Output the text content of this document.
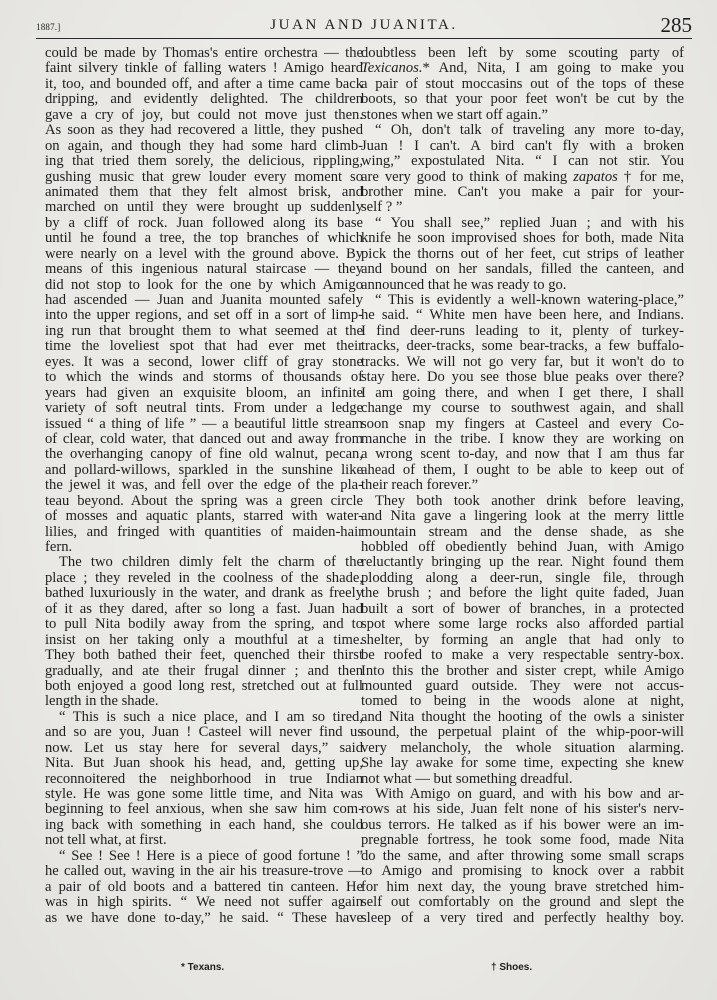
1887.]	JUAN AND JUANITA.	285
could be made by Thomas's entire orchestra — the
faint silvery tinkle of falling waters ! Amigo heard
it, too, and bounded off, and after a time came back
dripping, and evidently delighted. The children
gave a cry of joy, but could not move just then.
As soon as they had recovered a little, they pushed
on again, and though they had some hard climb-
ing that tried them sorely, the delicious, rippling,
gushing music that grew louder every moment so
animated them that they felt almost brisk, and
marched on until they were brought up suddenly
by a cliff of rock. Juan followed along its base
until he found a tree, the top branches of which
were nearly on a level with the ground above. By
means of this ingenious natural staircase — they
did not stop to look for the one by which Amigo
had ascended — Juan and Juanita mounted safely
into the upper regions, and set off in a sort of limp-
ing run that brought them to what seemed at the
time the loveliest spot that had ever met their
eyes. It was a second, lower cliff of gray stone
to which the winds and storms of thousands of
years had given an exquisite bloom, an infinite
variety of soft neutral tints. From under a ledge
issued “ a thing of life ” — a beautiful little stream
of clear, cold water, that danced out and away from
the overhanging canopy of fine old walnut, pecan,
and pollard-willows, sparkled in the sunshine like
the jewel it was, and fell over the edge of the pla-
teau beyond. About the spring was a green circle
of mosses and aquatic plants, starred with water-
lilies, and fringed with quantities of maiden-hair
fern.
The two children dimly felt the charm of the
place ; they reveled in the coolness of the shade,
bathed luxuriously in the water, and drank as freely
of it as they dared, after so long a fast. Juan had
to pull Nita bodily away from the spring, and to
insist on her taking only a mouthful at a time.
They both bathed their feet, quenched their thirst
gradually, and ate their frugal dinner ; and then
both enjoyed a good long rest, stretched out at full
length in the shade.
“ This is such a nice place, and I am so tired,
and so are you, Juan ! Casteel will never find us
now. Let us stay here for several days,” said
Nita. But Juan shook his head, and, getting up,
reconnoitered the neighborhood in true Indian
style. He was gone some little time, and Nita was
beginning to feel anxious, when she saw him com-
ing back with something in each hand, she could
not tell what, at first.
“ See ! See ! Here is a piece of good fortune ! ”
he called out, waving in the air his treasure-trove —
a pair of old boots and a battered tin canteen. He
was in high spirits. “ We need not suffer again
as we have done to-day,” he said. “ These have
doubtless been left by some scouting party of
Texicanos.* And, Nita, I am going to make you
a pair of stout moccasins out of the tops of these
boots, so that your poor feet won't be cut by the
stones when we start off again.”
“ Oh, don't talk of traveling any more to-day,
Juan ! I can't. A bird can't fly with a broken
wing,” expostulated Nita. “ I can not stir. You
are very good to think of making zapatos † for me,
brother mine. Can't you make a pair for your-
self ? ”
“ You shall see,” replied Juan ; and with his
knife he soon improvised shoes for both, made Nita
pick the thorns out of her feet, cut strips of leather
and bound on her sandals, filled the canteen, and
announced that he was ready to go.
“ This is evidently a well-known watering-place,”
he said. “ White men have been here, and Indians.
I find deer-runs leading to it, plenty of turkey-
tracks, deer-tracks, some bear-tracks, a few buffalo-
tracks. We will not go very far, but it won't do to
stay here. Do you see those blue peaks over there?
I am going there, and when I get there, I shall
change my course to southwest again, and shall
soon snap my fingers at Casteel and every Co-
manche in the tribe. I know they are working on
a wrong scent to-day, and now that I am thus far
ahead of them, I ought to be able to keep out of
their reach forever.”
They both took another drink before leaving,
and Nita gave a lingering look at the merry little
mountain stream and the dense shade, as she
hobbled off obediently behind Juan, with Amigo
reluctantly bringing up the rear. Night found them
plodding along a deer-run, single file, through
the brush ; and before the light quite faded, Juan
built a sort of bower of branches, in a protected
spot where some large rocks also afforded partial
shelter, by forming an angle that had only to
be roofed to make a very respectable sentry-box.
Into this the brother and sister crept, while Amigo
mounted guard outside. They were not accus-
tomed to being in the woods alone at night,
and Nita thought the hooting of the owls a sinister
sound, the perpetual plaint of the whip-poor-will
very melancholy, the whole situation alarming.
She lay awake for some time, expecting she knew
not what — but something dreadful.
With Amigo on guard, and with his bow and ar-
rows at his side, Juan felt none of his sister's nerv-
ous terrors. He talked as if his bower were an im-
pregnable fortress, he took some food, made Nita
do the same, and after throwing some small scraps
to Amigo and promising to knock over a rabbit
for him next day, the young brave stretched him-
self out comfortably on the ground and slept the
sleep of a very tired and perfectly healthy boy.
* Texans.	† Shoes.
